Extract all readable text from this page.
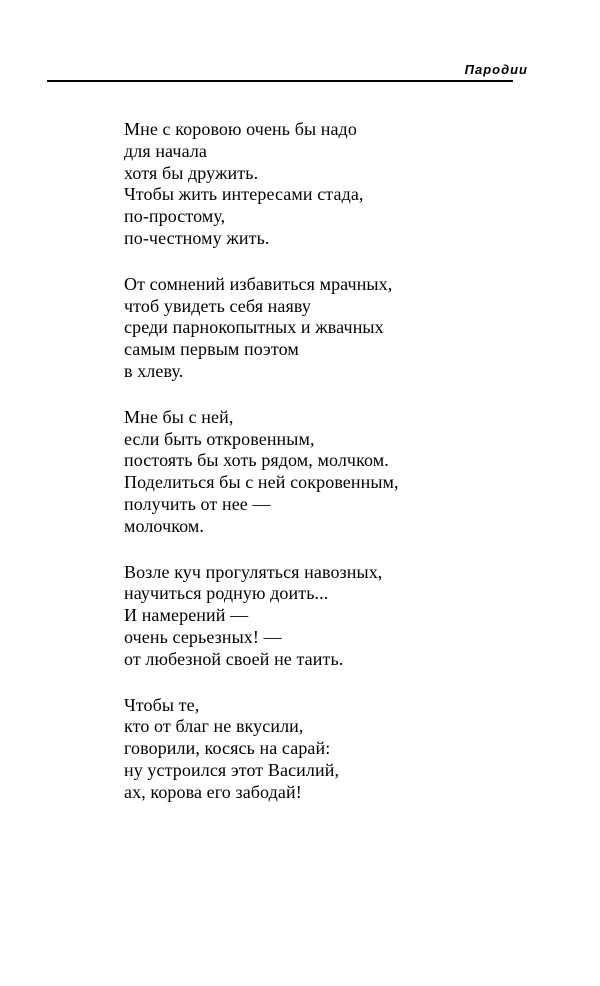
Пародии
Мне с коровою очень бы надо
для начала
хотя бы дружить.
Чтобы жить интересами стада,
по-простому,
по-честному жить.
От сомнений избавиться мрачных,
чтоб увидеть себя наяву
среди парнокопытных и жвачных
самым первым поэтом
в хлеву.
Мне бы с ней,
если быть откровенным,
постоять бы хоть рядом, молчком.
Поделиться бы с ней сокровенным,
получить от нее —
молочком.
Возле куч прогуляться навозных,
научиться родную доить...
И намерений —
очень серьезных! —
от любезной своей не таить.
Чтобы те,
кто от благ не вкусили,
говорили, косясь на сарай:
ну устроился этот Василий,
ах, корова его забодай!
